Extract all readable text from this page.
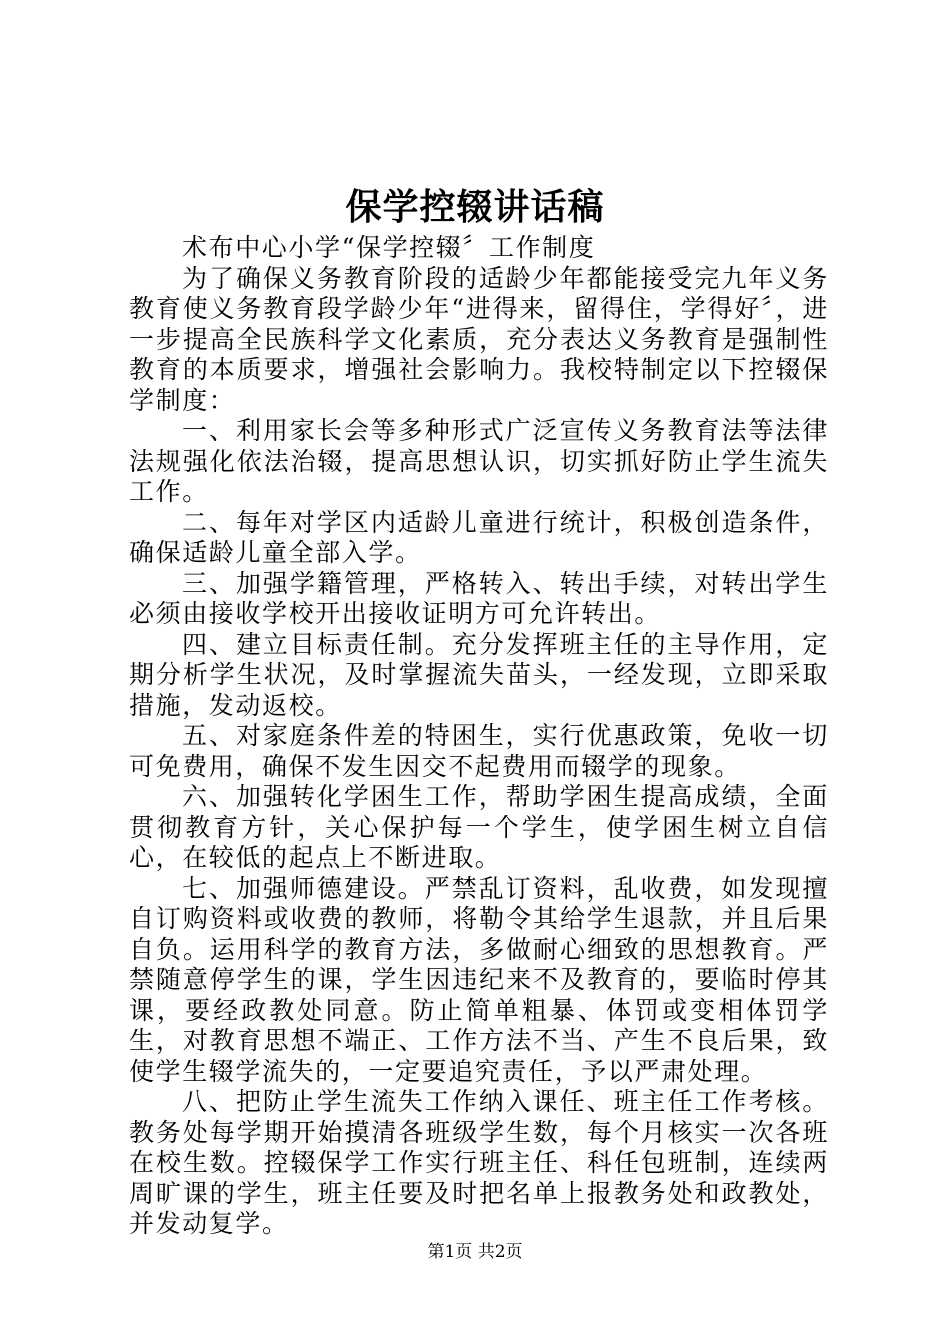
保学控辍讲话稿

术布中心小学“保学控辍〞工作制度

为了确保义务教育阶段的适龄少年都能接受完九年义务教育使义务教育段学龄少年“进得来，留得住，学得好〞，进一步提高全民族科学文化素质，充分表达义务教育是强制性教育的本质要求，增强社会影响力。我校特制定以下控辍保学制度：

一、利用家长会等多种形式广泛宣传义务教育法等法律法规强化依法治辍，提高思想认识，切实抓好防止学生流失工作。

二、每年对学区内适龄儿童进行统计，积极创造条件，确保适龄儿童全部入学。

三、加强学籍管理，严格转入、转出手续，对转出学生必须由接收学校开出接收证明方可允许转出。

四、建立目标责任制。充分发挥班主任的主导作用，定期分析学生状况，及时掌握流失苗头，一经发现，立即采取措施，发动返校。

五、对家庭条件差的特困生，实行优惠政策，免收一切可免费用，确保不发生因交不起费用而辍学的现象。

六、加强转化学困生工作，帮助学困生提高成绩，全面贯彻教育方针，关心保护每一个学生，使学困生树立自信心，在较低的起点上不断进取。

七、加强师德建设。严禁乱订资料，乱收费，如发现擅自订购资料或收费的教师，将勒令其给学生退款，并且后果自负。运用科学的教育方法，多做耐心细致的思想教育。严禁随意停学生的课，学生因违纪来不及教育的，要临时停其课，要经政教处同意。防止简单粗暴、体罚或变相体罚学生，对教育思想不端正、工作方法不当、产生不良后果，致使学生辍学流失的，一定要追究责任，予以严肃处理。

八、把防止学生流失工作纳入课任、班主任工作考核。教务处每学期开始摸清各班级学生数，每个月核实一次各班在校生数。控辍保学工作实行班主任、科任包班制，连续两周旷课的学生，班主任要及时把名单上报教务处和政教处，并发动复学。

第1页 共2页
